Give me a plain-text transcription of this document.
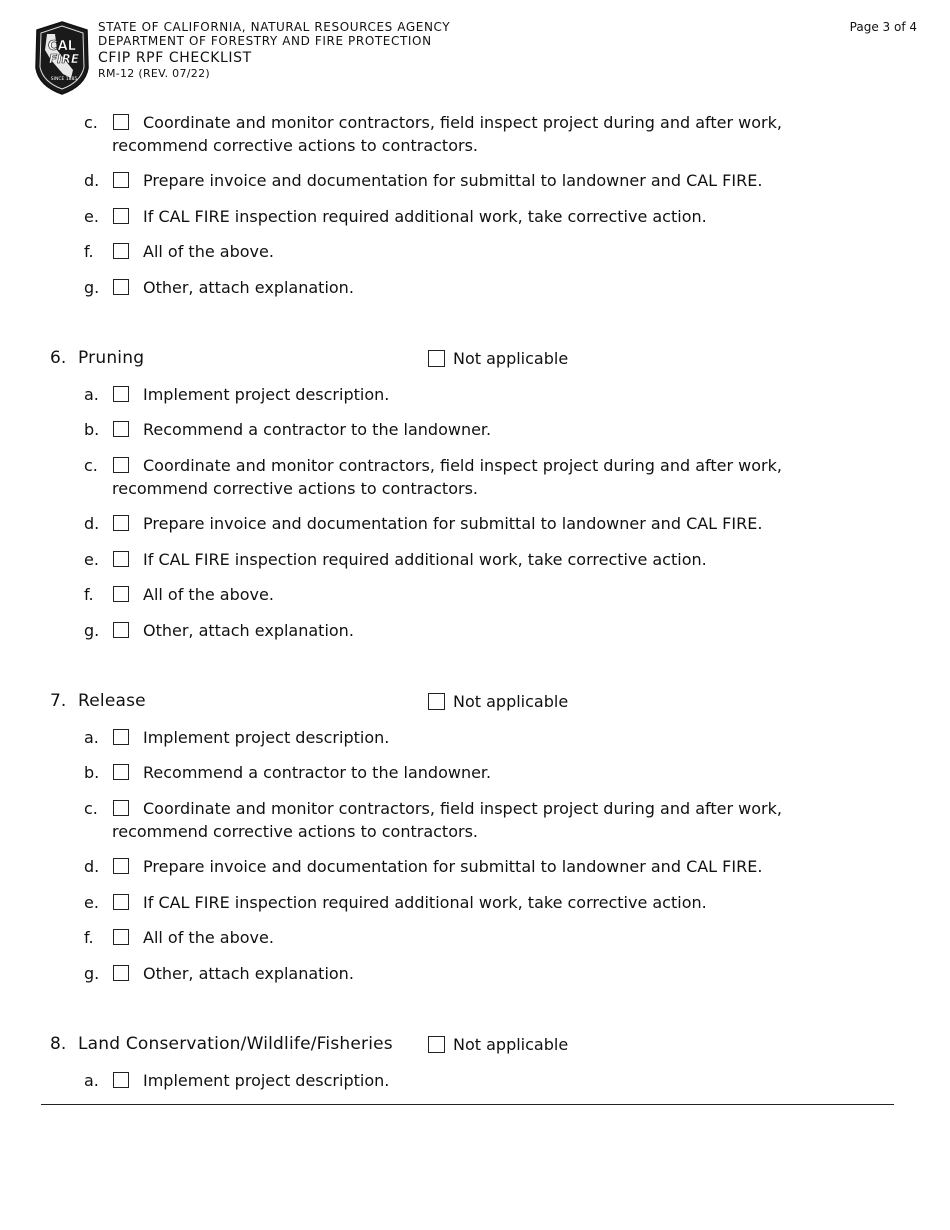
CAL
FIRE
SINCE 1885
STATE OF CALIFORNIA, NATURAL RESOURCES AGENCY
DEPARTMENT OF FORESTRY AND FIRE PROTECTION
CFIP RPF CHECKLIST
RM-12 (REV. 07/22)
Page 3 of 4
c.	Coordinate and monitor contractors, field inspect project during and after work,
recommend corrective actions to contractors.
d.	Prepare invoice and documentation for submittal to landowner and CAL FIRE.
e.	If CAL FIRE inspection required additional work, take corrective action.
f.	All of the above.
g.	Other, attach explanation.
6. Pruning	Not applicable
a.	Implement project description.
b.	Recommend a contractor to the landowner.
c.	Coordinate and monitor contractors, field inspect project during and after work,
recommend corrective actions to contractors.
d.	Prepare invoice and documentation for submittal to landowner and CAL FIRE.
e.	If CAL FIRE inspection required additional work, take corrective action.
f.	All of the above.
g.	Other, attach explanation.
7. Release	Not applicable
a.	Implement project description.
b.	Recommend a contractor to the landowner.
c.	Coordinate and monitor contractors, field inspect project during and after work,
recommend corrective actions to contractors.
d.	Prepare invoice and documentation for submittal to landowner and CAL FIRE.
e.	If CAL FIRE inspection required additional work, take corrective action.
f.	All of the above.
g.	Other, attach explanation.
8. Land Conservation/Wildlife/Fisheries	Not applicable
a.	Implement project description.
